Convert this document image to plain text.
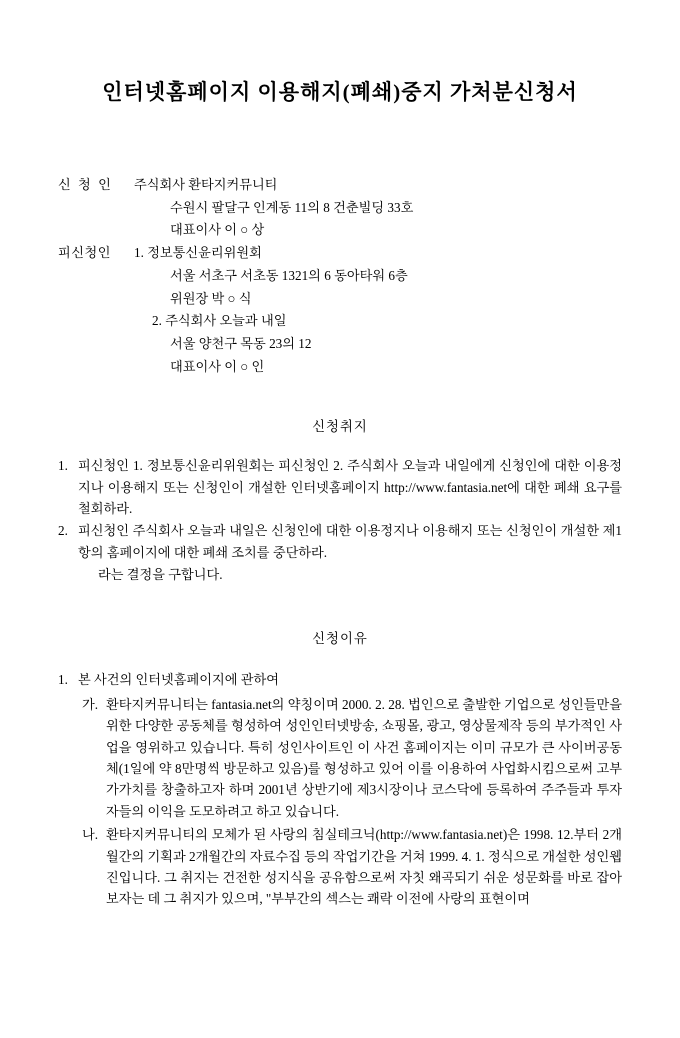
인터넷홈페이지 이용해지(폐쇄)중지 가처분신청서
신 청 인	주식회사 환타지커뮤니티
수원시 팔달구 인계동 11의 8 건춘빌딩 33호
대표이사 이 ○ 상
피신청인	1. 정보통신윤리위원회
서울 서초구 서초동 1321의 6 동아타워 6층
위원장 박 ○ 식
2. 주식회사 오늘과 내일
서울 양천구 목동 23의 12
대표이사 이 ○ 인
신청취지
1. 피신청인 1. 정보통신윤리위원회는 피신청인 2. 주식회사 오늘과 내일에게 신청인에 대한 이용정지나 이용해지 또는 신청인이 개설한 인터넷홈페이지 http://www.fantasia.net에 대한 폐쇄 요구를 철회하라.
2. 피신청인 주식회사 오늘과 내일은 신청인에 대한 이용정지나 이용해지 또는 신청인이 개설한 제1항의 홈페이지에 대한 폐쇄 조치를 중단하라.
라는 결정을 구합니다.
신청이유
1. 본 사건의 인터넷홈페이지에 관하여
가. 환타지커뮤니티는 fantasia.net의 약칭이며 2000. 2. 28. 법인으로 출발한 기업으로 성인들만을 위한 다양한 공동체를 형성하여 성인인터넷방송, 쇼핑몰, 광고, 영상물제작 등의 부가적인 사업을 영위하고 있습니다. 특히 성인사이트인 이 사건 홈페이지는 이미 규모가 큰 사이버공동체(1일에 약 8만명씩 방문하고 있음)를 형성하고 있어 이를 이용하여 사업화시킴으로써 고부가가치를 창출하고자 하며 2001년 상반기에 제3시장이나 코스닥에 등록하여 주주들과 투자자들의 이익을 도모하려고 하고 있습니다.
나. 환타지커뮤니티의 모체가 된 사랑의 침실테크닉(http://www.fantasia.net)은 1998. 12.부터 2개월간의 기획과 2개월간의 자료수집 등의 작업기간을 거쳐 1999. 4. 1. 정식으로 개설한 성인웹진입니다. 그 취지는 건전한 성지식을 공유함으로써 자칫 왜곡되기 쉬운 성문화를 바로 잡아 보자는 데 그 취지가 있으며, "부부간의 섹스는 쾌락 이전에 사랑의 표현이며
